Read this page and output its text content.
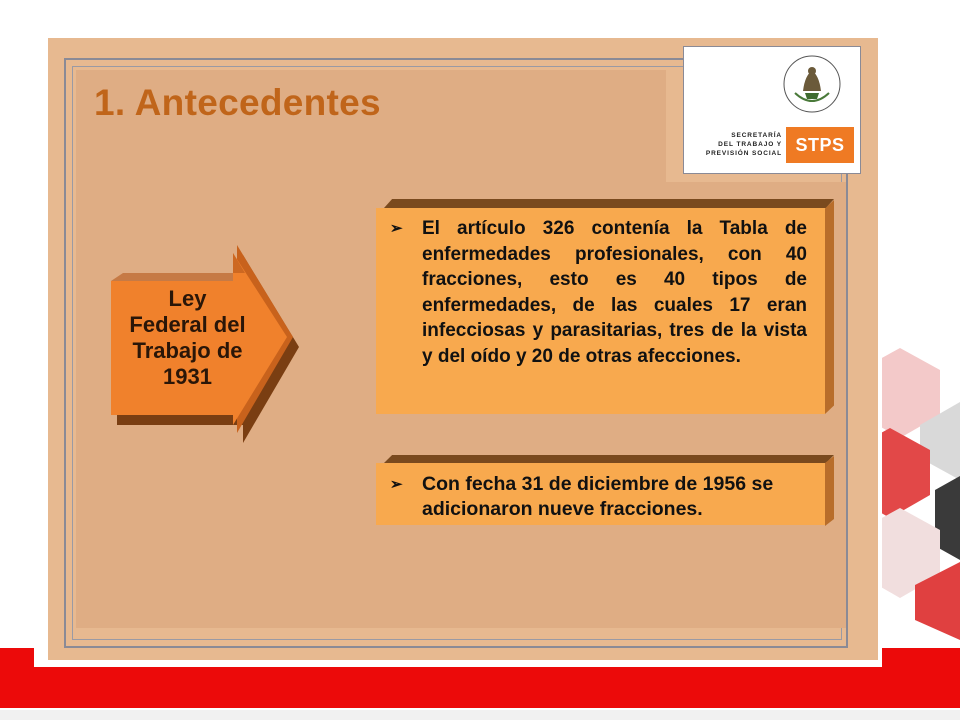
1. Antecedentes
SECRETARÍA
DEL TRABAJO Y
PREVISIÓN SOCIAL STPS
Ley
Federal del
Trabajo de
1931
➢	El artículo 326 contenía la Tabla de enfermedades profesionales, con 40 fracciones, esto es 40 tipos de enfermedades, de las cuales 17 eran infecciosas y parasitarias, tres de la vista y del oído y 20 de otras afecciones.
➢ Con fecha 31 de diciembre de 1956 se adicionaron nueve fracciones.
